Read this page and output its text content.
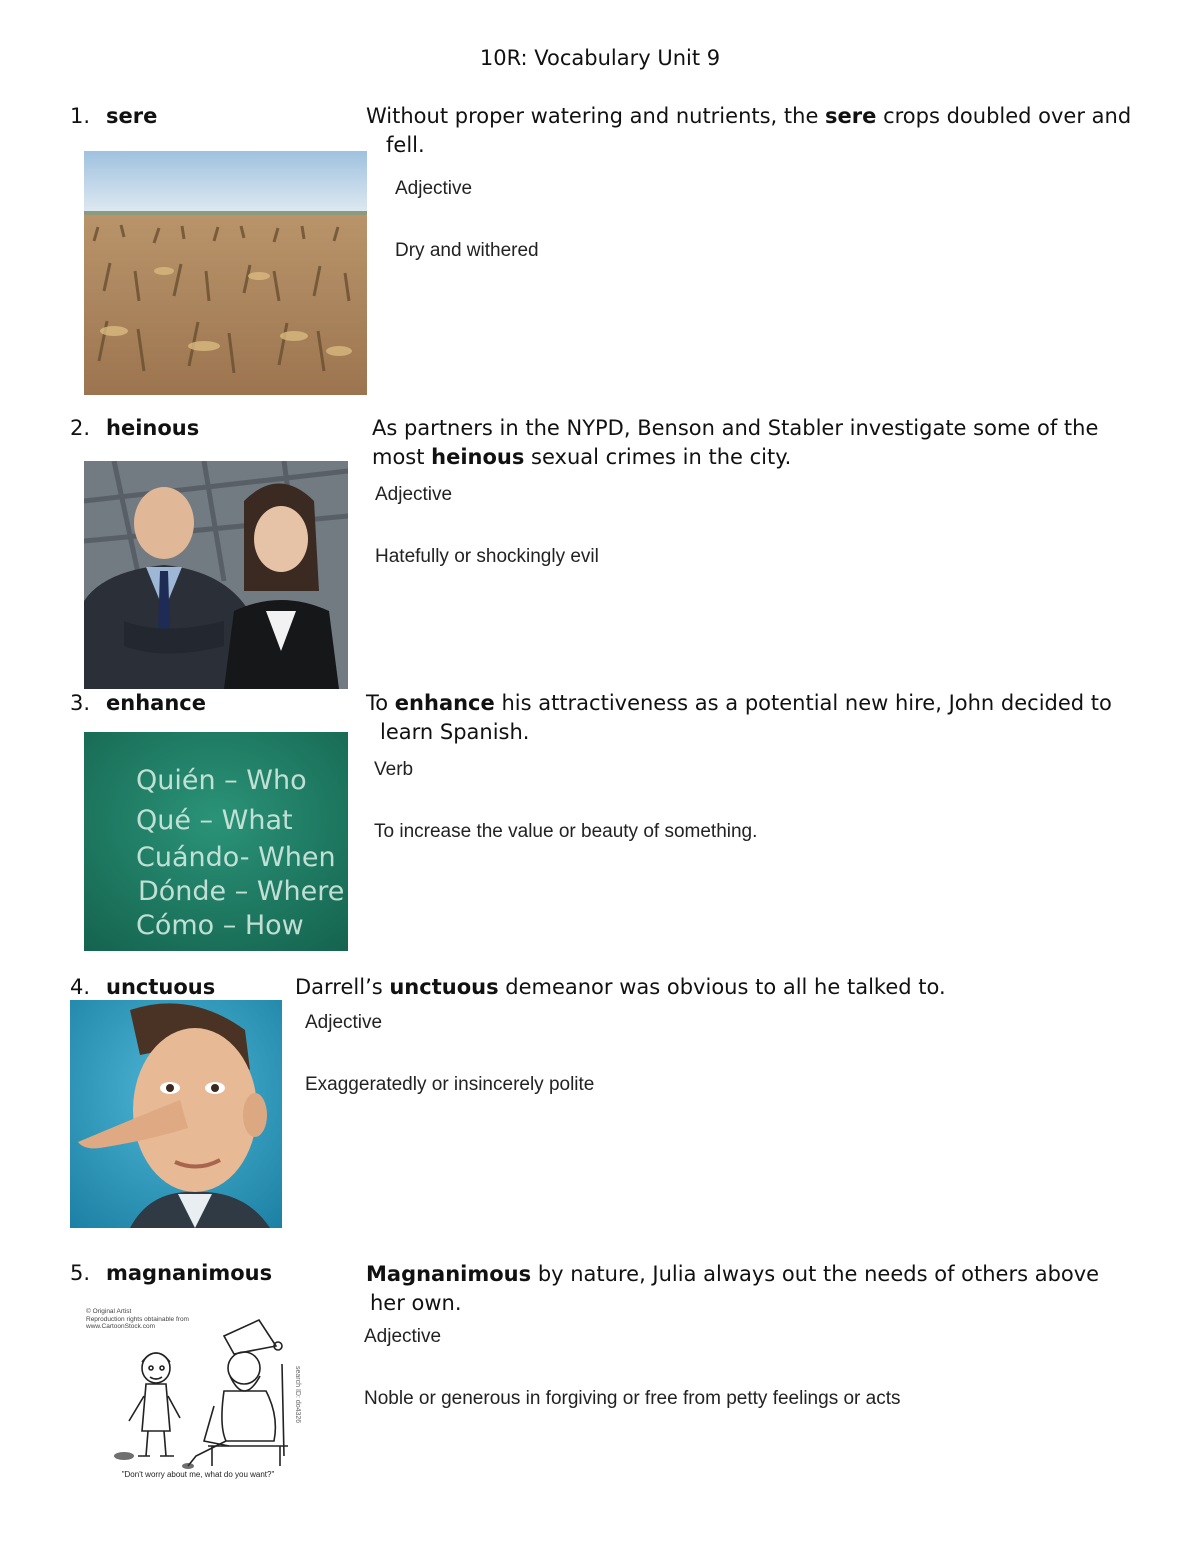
10R: Vocabulary Unit 9
1. sere	Without proper watering and nutrients, the sere crops doubled over and
fell.
Adjective
Dry and withered
2. heinous	As partners in the NYPD, Benson and Stabler investigate some of the
most heinous sexual crimes in the city.
Adjective
Hatefully or shockingly evil
3. enhance
Quién – Who
Qué – What
Cuándo- When
Dónde – Where
Cómo – How
To enhance his attractiveness as a potential new hire, John decided to
learn Spanish.
Verb
To increase the value or beauty of something.
4. unctuous	Darrell’s unctuous demeanor was obvious to all he talked to.
Adjective
Exaggeratedly or insincerely polite
5. magnanimous
© Original Artist
Reproduction rights obtainable from
www.CartoonStock.com
search ID: do4326
"Don't worry about me, what do you want?"
Magnanimous by nature, Julia always out the needs of others above
her own.
Adjective
Noble or generous in forgiving or free from petty feelings or acts
